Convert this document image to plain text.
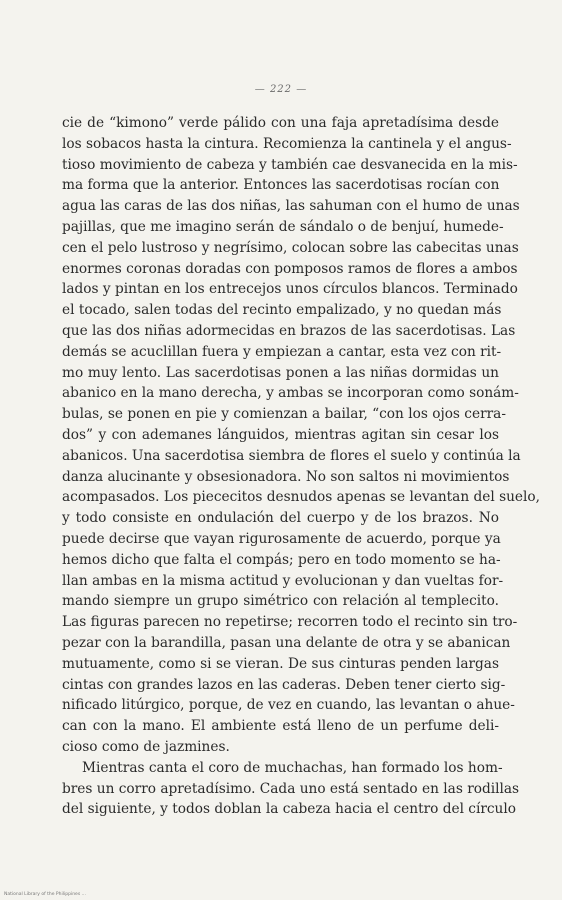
— 222 —
cie de “kimono” verde pálido con una faja apretadísima desde
los sobacos hasta la cintura. Recomienza la cantinela y el angus-
tioso movimiento de cabeza y también cae desvanecida en la mis-
ma forma que la anterior. Entonces las sacerdotisas rocían con
agua las caras de las dos niñas, las sahuman con el humo de unas
pajillas, que me imagino serán de sándalo o de benjuí, humede-
cen el pelo lustroso y negrísimo, colocan sobre las cabecitas unas
enormes coronas doradas con pomposos ramos de flores a ambos
lados y pintan en los entrecejos unos círculos blancos. Terminado
el tocado, salen todas del recinto empalizado, y no quedan más
que las dos niñas adormecidas en brazos de las sacerdotisas. Las
demás se acuclillan fuera y empiezan a cantar, esta vez con rit-
mo muy lento. Las sacerdotisas ponen a las niñas dormidas un
abanico en la mano derecha, y ambas se incorporan como sonám-
bulas, se ponen en pie y comienzan a bailar, “con los ojos cerra-
dos” y con ademanes lánguidos, mientras agitan sin cesar los
abanicos. Una sacerdotisa siembra de flores el suelo y continúa la
danza alucinante y obsesionadora. No son saltos ni movimientos
acompasados. Los piececitos desnudos apenas se levantan del suelo,
y todo consiste en ondulación del cuerpo y de los brazos. No
puede decirse que vayan rigurosamente de acuerdo, porque ya
hemos dicho que falta el compás; pero en todo momento se ha-
llan ambas en la misma actitud y evolucionan y dan vueltas for-
mando siempre un grupo simétrico con relación al templecito.
Las figuras parecen no repetirse; recorren todo el recinto sin tro-
pezar con la barandilla, pasan una delante de otra y se abanican
mutuamente, como si se vieran. De sus cinturas penden largas
cintas con grandes lazos en las caderas. Deben tener cierto sig-
nificado litúrgico, porque, de vez en cuando, las levantan o ahue-
can con la mano. El ambiente está lleno de un perfume deli-
cioso como de jazmines.
Mientras canta el coro de muchachas, han formado los hom-
bres un corro apretadísimo. Cada uno está sentado en las rodillas
del siguiente, y todos doblan la cabeza hacia el centro del círculo
National Library of the Philippines ...
